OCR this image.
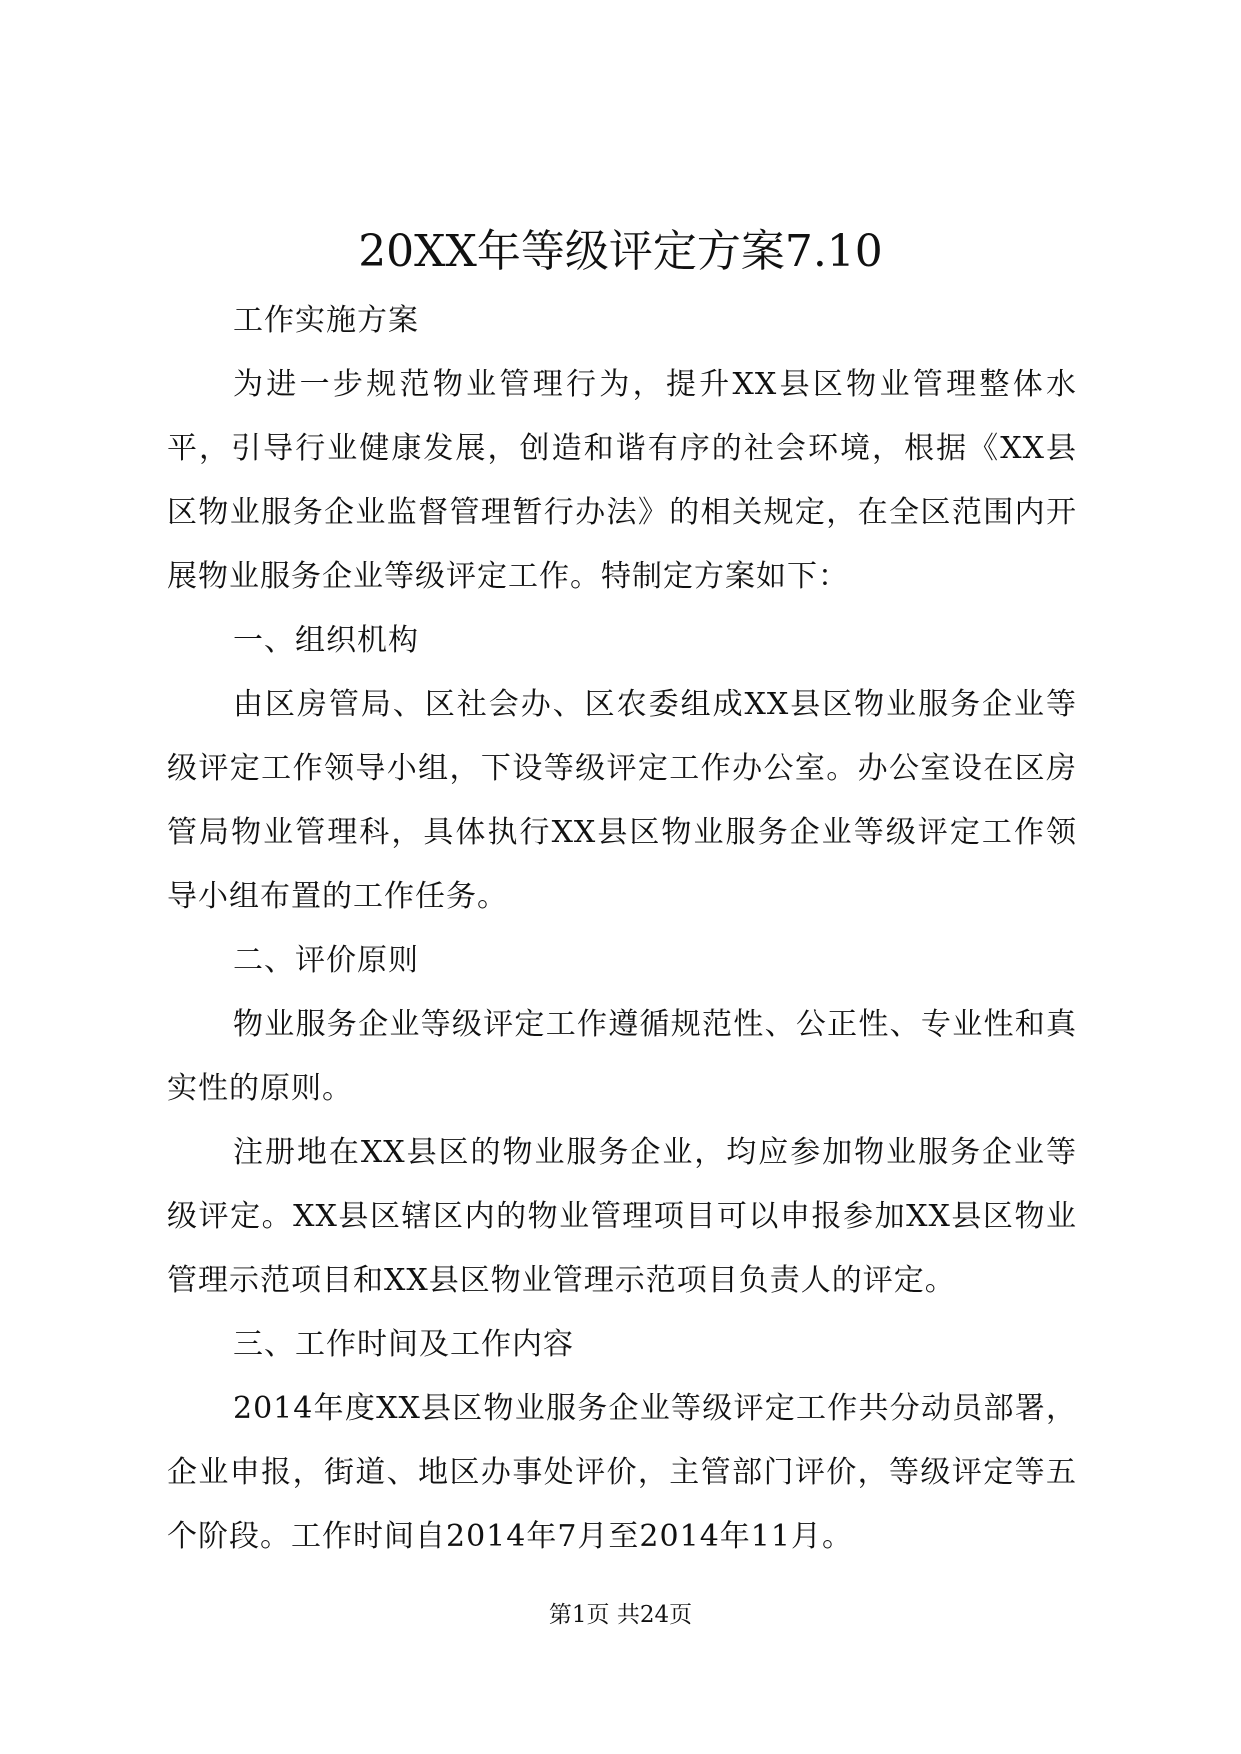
20XX年等级评定方案7.10

工作实施方案

为进一步规范物业管理行为，提升XX县区物业管理整体水平，引导行业健康发展，创造和谐有序的社会环境，根据《XX县区物业服务企业监督管理暂行办法》的相关规定，在全区范围内开展物业服务企业等级评定工作。特制定方案如下：

一、组织机构

由区房管局、区社会办、区农委组成XX县区物业服务企业等级评定工作领导小组，下设等级评定工作办公室。办公室设在区房管局物业管理科，具体执行XX县区物业服务企业等级评定工作领导小组布置的工作任务。

二、评价原则

物业服务企业等级评定工作遵循规范性、公正性、专业性和真实性的原则。

注册地在XX县区的物业服务企业，均应参加物业服务企业等级评定。XX县区辖区内的物业管理项目可以申报参加XX县区物业管理示范项目和XX县区物业管理示范项目负责人的评定。

三、工作时间及工作内容

2014年度XX县区物业服务企业等级评定工作共分动员部署，企业申报，街道、地区办事处评价，主管部门评价，等级评定等五个阶段。工作时间自2014年7月至2014年11月。

第1页 共24页
